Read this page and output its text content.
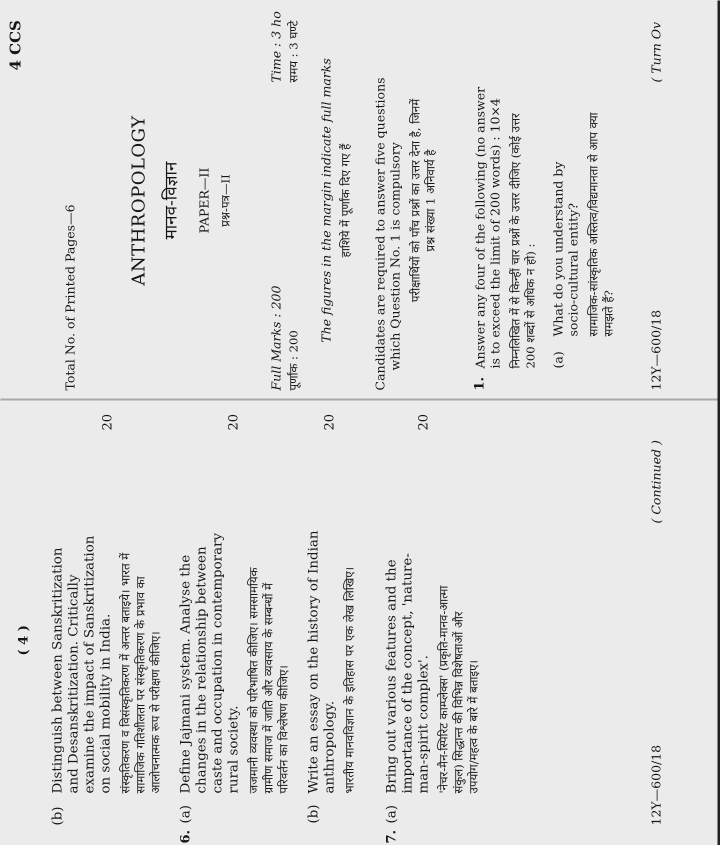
( 4 )
(b)
Distinguish between Sanskritization and Desanskritization. Critically examine the impact of Sanskritization on social mobility in India.
20
संस्कृतिकरण व विसंस्कृतिकरण में अन्तर बताइये। भारत में सामाजिक गतिशीलता पर संस्कृतिकरण के प्रभाव का आलोचनात्मक रूप से परीक्षण कीजिए।
6.
(a)
Define Jajmani system. Analyse the changes in the relationship between caste and occupation in contemporary rural society.
20
जजमानी व्यवस्था को परिभाषित कीजिए। समसामयिक ग्रामीण समाज में जाति और व्यवसाय के सम्बन्धों में परिवर्तन का विश्लेषण कीजिए।
(b)
Write an essay on the history of Indian anthropology.
20
भारतीय मानवविज्ञान के इतिहास पर एक लेख लिखिए।
7.
(a)
Bring out various features and the importance of the concept, 'nature- man-spirit complex'.
20
'नेचर-मैन-स्पिरिट काम्प्लेक्स' (प्रकृति-मानव-आत्मा संकुल) सिद्धान्त की विभिन्न विशेषताओं और उपयोग/महत्व के बारे में बताइए।	12Y—600/18
( Continued )
Total No. of Printed Pages—6
4 CCS
ANTHROPOLOGY मानव-विज्ञान PAPER—II प्रश्न-पत्र—II
Full Marks : 200 पूर्णांक : 200
Time : 3 ho समय : 3 घण्टे
The figures in the margin indicate full marks हाशिये में पूर्णांक दिए गए हैं Candidates are required to answer five questions which Question No. 1 is compulsory परीक्षार्थियों को पाँच प्रश्नों का उत्तर देना है, जिनमें प्रश्न संख्या 1 अनिवार्य है
1.
Answer any four of the following (no answer is to exceed the limit of 200 words) : 10×4 निम्नलिखित में से किन्हीं चार प्रश्नों के उत्तर दीजिए (कोई उत्तर 200 शब्दों से अधिक न हो) : (a)
What do you understand by socio-cultural entity? सामाजिक-सांस्कृतिक अस्तित्व/विद्यमानता से आप क्या समझते हैं?	12Y—600/18
( Turn Ov
